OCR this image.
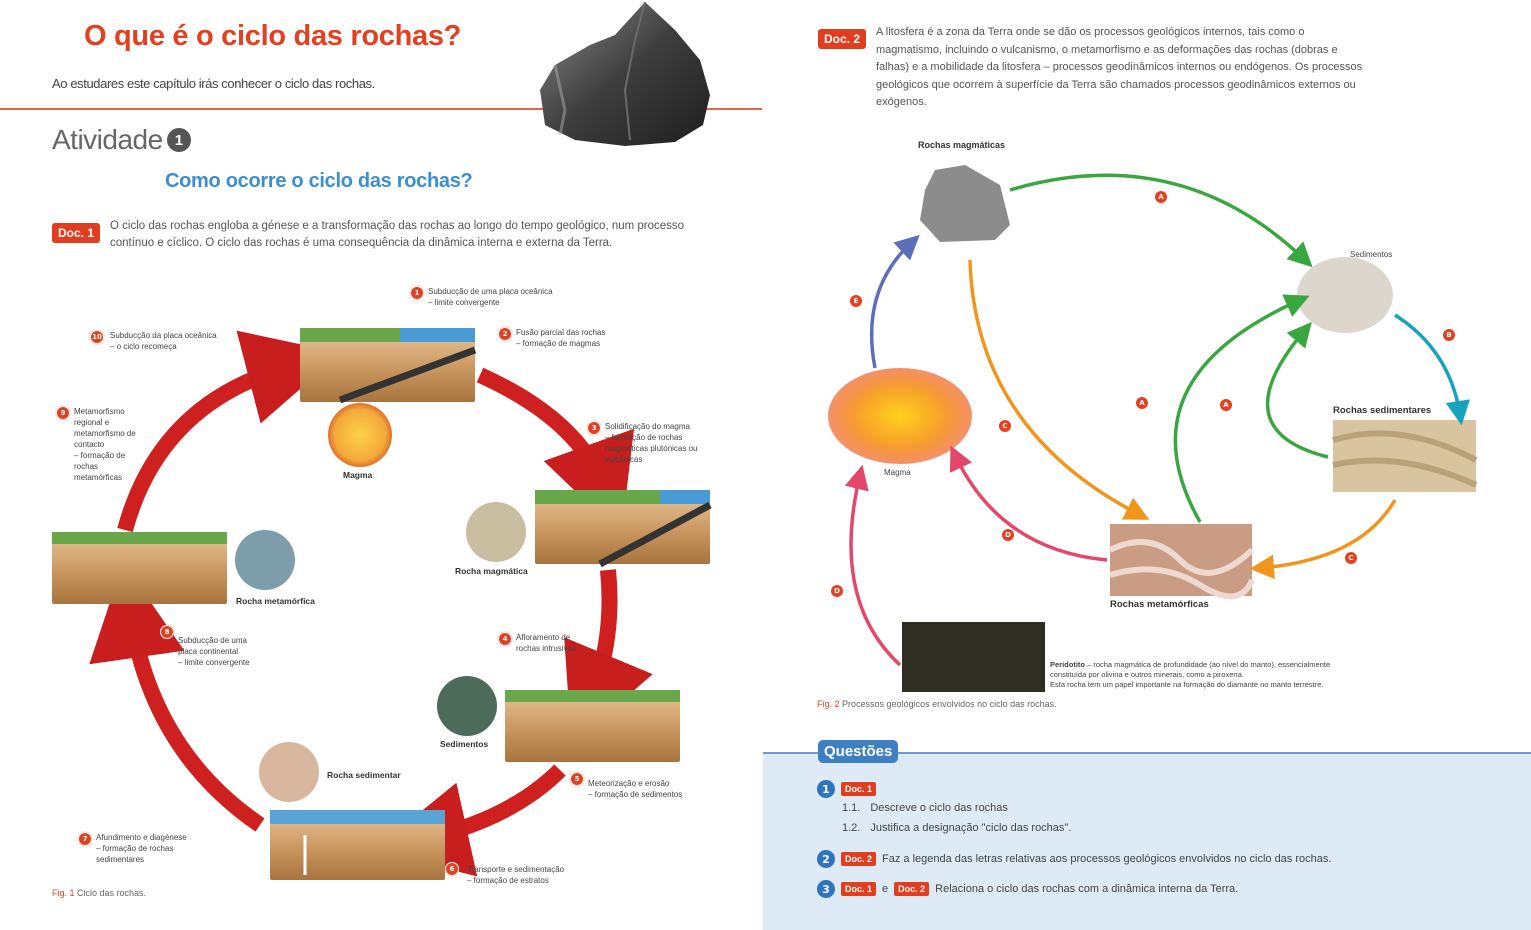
O que é o ciclo das rochas?
Ao estudares este capítulo irás conhecer o ciclo das rochas.
Atividade 1
Como ocorre o ciclo das rochas?
Doc. 1	O ciclo das rochas engloba a génese e a transformação das rochas ao longo do tempo geológico, num processo contínuo e cíclico. O ciclo das rochas é uma consequência da dinâmica interna e externa da Terra.
Magma
Rocha magmática
Rocha metamórfica
Sedimentos
Rocha sedimentar
1	Subducção de uma placa oceânica
– limite convergente
2	Fusão parcial das rochas
– formação de magmas
3	Solidificação do magma
– formação de rochas magmáticas plutónicas ou vulcânicas
4	Afloramento de rochas intrusivas
5	Meteorização e erosão
– formação de sedimentos
6	Transporte e sedimentação
– formação de estratos
7	Afundimento e diagénese
– formação de rochas sedimentares
8
Subducção de uma placa continental
– limite convergente
9	Metamorfismo regional e metamorfismo de contacto
– formação de rochas metamórficas
10 Subducção da placa oceânica
– o ciclo recomeça
Fig. 1 Ciclo das rochas.
Doc. 2	A litosfera é a zona da Terra onde se dão os processos geológicos internos, tais como o magmatismo, incluindo o vulcanismo, o metamorfismo e as deformações das rochas (dobras e falhas) e a mobilidade da litosfera – processos geodinâmicos internos ou endógenos. Os processos geológicos que ocorrem à superfície da Terra são chamados processos geodinâmicos externos ou exógenos.
Rochas magmáticas
Sedimentos
Rochas sedimentares
Rochas metamórficas
Magma
A
A	A
B
C
C
D
D
E
Peridotito – rocha magmática de profundidade (ao nível do manto), essencialmente
constituída por olivina e outros minerais, como a piroxena.
Esta rocha tem um papel importante na formação do diamante no manto terrestre.
Fig. 2 Processos geológicos envolvidos no ciclo das rochas.
Questões
1	Doc. 1
1.1. Descreve o ciclo das rochas
1.2. Justifica a designação "ciclo das rochas".
2	Doc. 2 Faz a legenda das letras relativas aos processos geológicos envolvidos no ciclo das rochas.
3	Doc. 1 e	Doc. 2 Relaciona o ciclo das rochas com a dinâmica interna da Terra.
